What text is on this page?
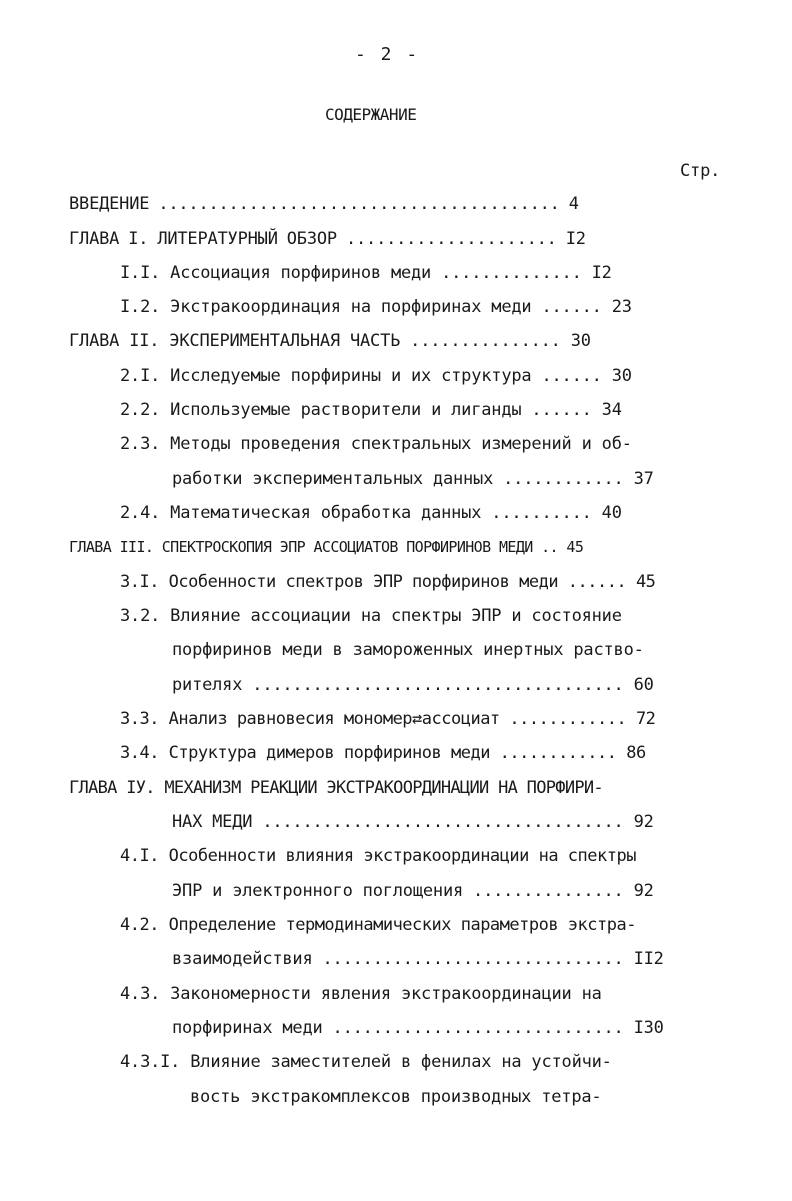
- 2 -
СОДЕРЖАНИЕ
Стр.
ВВЕДЕНИЕ ........................................ 4
ГЛАВА I. ЛИТЕРАТУРНЫЙ ОБЗОР ..................... I2
I.I. Ассоциация порфиринов меди .............. I2
I.2. Экстракоординация на порфиринах меди ...... 23
ГЛАВА II. ЭКСПЕРИМЕНТАЛЬНАЯ ЧАСТЬ ............... 30
2.I. Исследуемые порфирины и их структура ...... 30
2.2. Используемые растворители и лиганды ...... 34
2.3. Методы проведения спектральных измерений и об-
работки экспериментальных данных ............ 37
2.4. Математическая обработка данных .......... 40
ГЛАВА III. СПЕКТРОСКОПИЯ ЭПР АССОЦИАТОВ ПОРФИРИНОВ МЕДИ .. 45
3.I. Особенности спектров ЭПР порфиринов меди ...... 45
3.2. Влияние ассоциации на спектры ЭПР и состояние
порфиринов меди в замороженных инертных раство-
рителях ..................................... 60
3.3. Анализ равновесия мономер⇄ассоциат ............ 72
3.4. Структура димеров порфиринов меди ............ 86
ГЛАВА IУ. МЕХАНИЗМ РЕАКЦИИ ЭКСТРАКООРДИНАЦИИ НА ПОРФИРИ-
НАХ МЕДИ .................................... 92
4.I. Особенности влияния экстракоординации на спектры
ЭПР и электронного поглощения ............... 92
4.2. Определение термодинамических параметров экстра-
взаимодействия .............................. II2
4.3. Закономерности явления экстракоординации на
порфиринах меди ............................. I30
4.3.I. Влияние заместителей в фенилах на устойчи-
вость экстракомплексов производных тетра-
